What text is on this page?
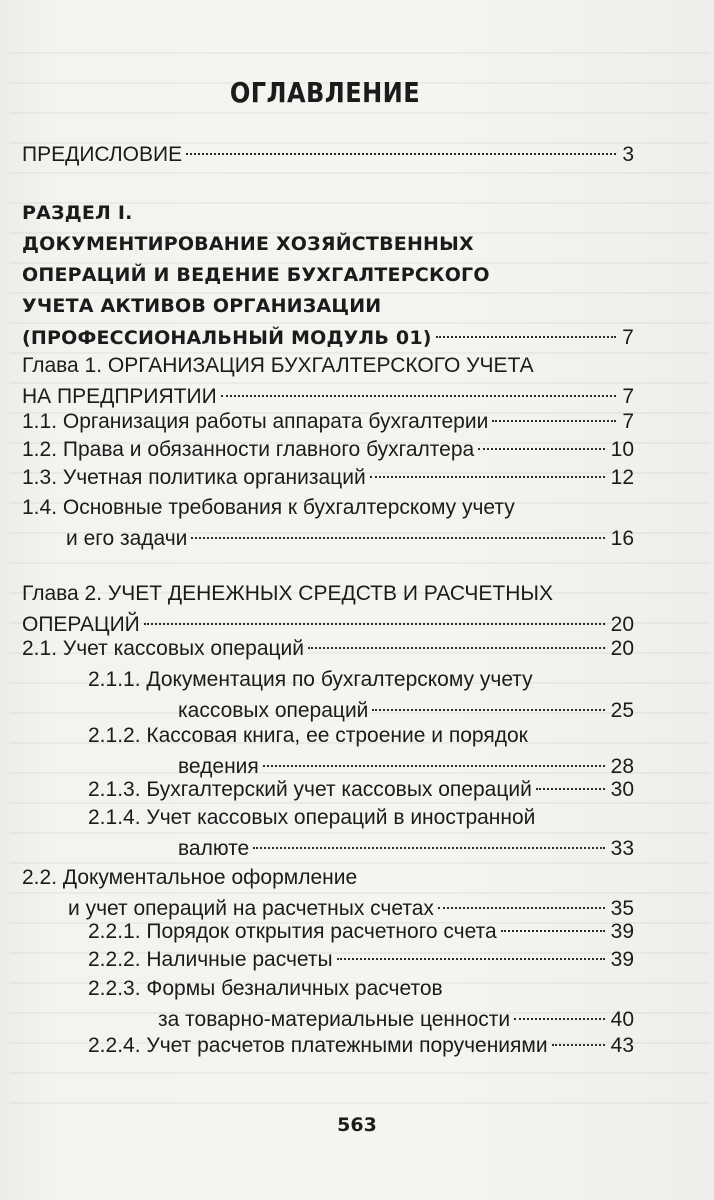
ОГЛАВЛЕНИЕ
ПРЕДИСЛОВИЕ	3
РАЗДЕЛ I.
ДОКУМЕНТИРОВАНИЕ ХОЗЯЙСТВЕННЫХ
ОПЕРАЦИЙ И ВЕДЕНИЕ БУХГАЛТЕРСКОГО
УЧЕТА АКТИВОВ ОРГАНИЗАЦИИ
(ПРОФЕССИОНАЛЬНЫЙ МОДУЛЬ 01)	7
Глава 1. ОРГАНИЗАЦИЯ БУХГАЛТЕРСКОГО УЧЕТА
НА ПРЕДПРИЯТИИ	7
1.1. Организация работы аппарата бухгалтерии	7
1.2. Права и обязанности главного бухгалтера	10
1.3. Учетная политика организаций	12
1.4. Основные требования к бухгалтерскому учету
и его задачи	16
Глава 2. УЧЕТ ДЕНЕЖНЫХ СРЕДСТВ И РАСЧЕТНЫХ
ОПЕРАЦИЙ	20
2.1. Учет кассовых операций	20
2.1.1. Документация по бухгалтерскому учету
кассовых операций	25
2.1.2. Кассовая книга, ее строение и порядок
ведения	28
2.1.3. Бухгалтерский учет кассовых операций	30
2.1.4. Учет кассовых операций в иностранной
валюте	33
2.2. Документальное оформление
и учет операций на расчетных счетах	35
2.2.1. Порядок открытия расчетного счета	39
2.2.2. Наличные расчеты	39
2.2.3. Формы безналичных расчетов
за товарно-материальные ценности	40
2.2.4. Учет расчетов платежными поручениями	43
563
